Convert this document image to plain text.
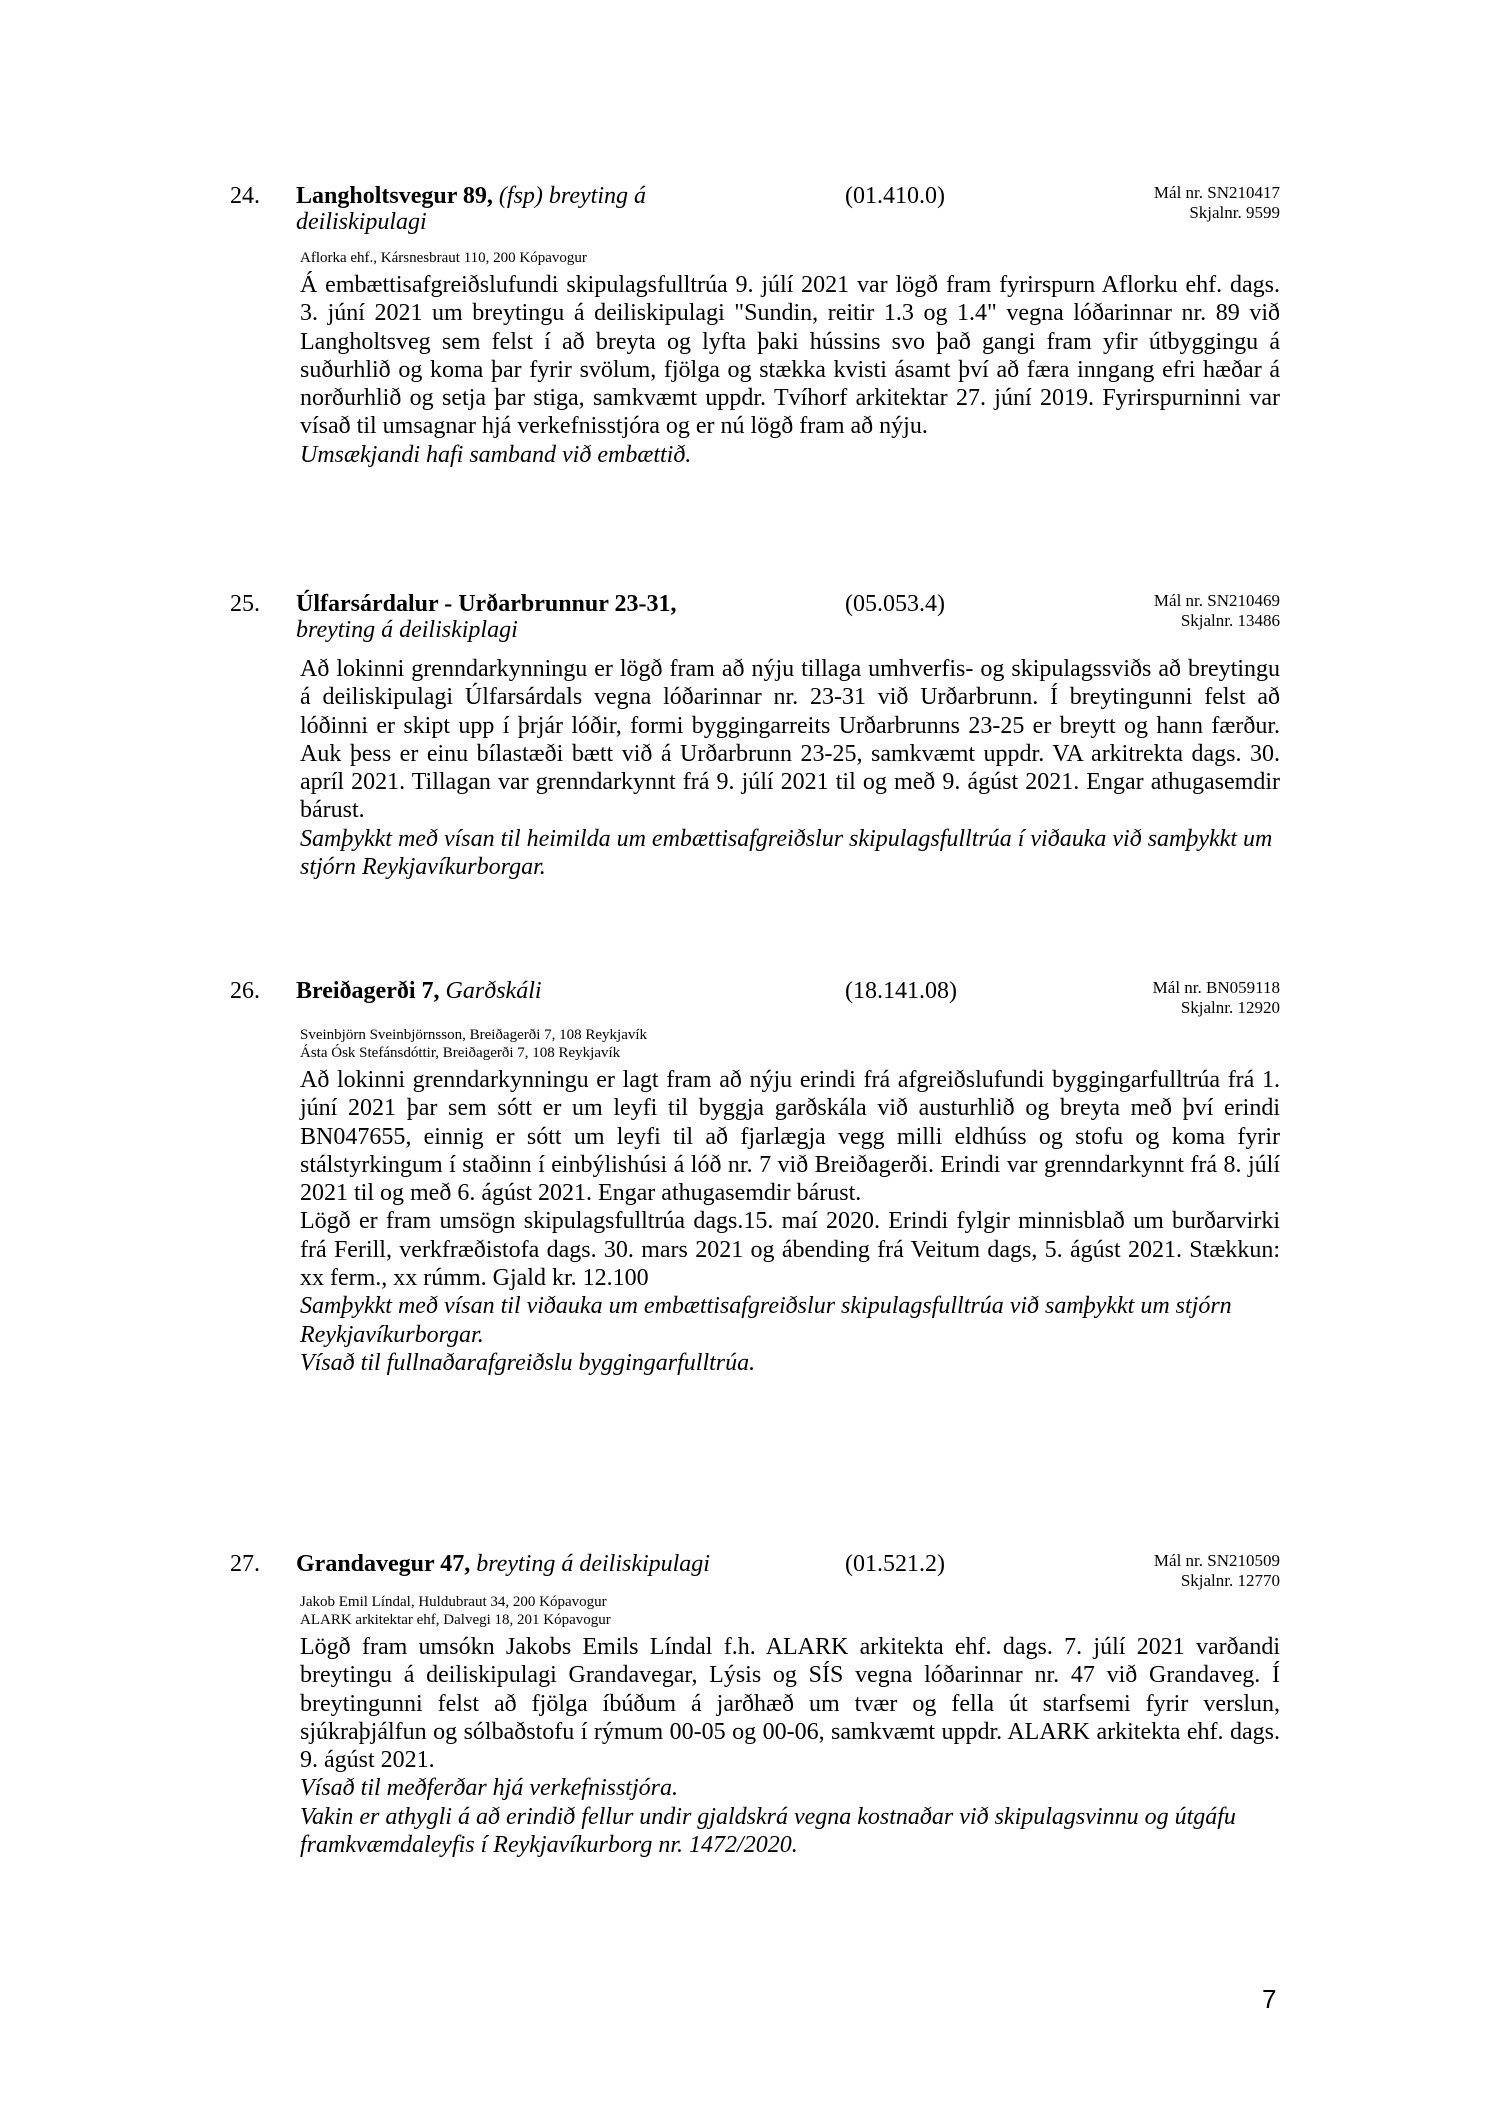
24. Langholtsvegur 89, (fsp) breyting á deiliskipulagi
(01.410.0)	Mál nr. SN210417
Skjalnr. 9599
Aflorka ehf., Kársnesbraut 110, 200 Kópavogur

Á embættisafgreiðslufundi skipulagsfulltrúa 9. júlí 2021 var lögð fram fyrirspurn Aflorku ehf. dags. 3. júní 2021 um breytingu á deiliskipulagi "Sundin, reitir 1.3 og 1.4" vegna lóðarinnar nr. 89 við Langholtsveg sem felst í að breyta og lyfta þaki hússins svo það gangi fram yfir útbyggingu á suðurhlið og koma þar fyrir svölum, fjölga og stækka kvisti ásamt því að færa inngang efri hæðar á norðurhlið og setja þar stiga, samkvæmt uppdr. Tvíhorf arkitektar 27. júní 2019. Fyrirspurninni var vísað til umsagnar hjá verkefnisstjóra og er nú lögð fram að nýju.

Umsækjandi hafi samband við embættið.

25. Úlfarsárdalur - Urðarbrunnur 23-31,
breyting á deiliskiplagi
(05.053.4)	Mál nr. SN210469
Skjalnr. 13486

Að lokinni grenndarkynningu er lögð fram að nýju tillaga umhverfis- og skipulagssviðs að breytingu á deiliskipulagi Úlfarsárdals vegna lóðarinnar nr. 23-31 við Urðarbrunn. Í breytingunni felst að lóðinni er skipt upp í þrjár lóðir, formi byggingarreits Urðarbrunns 23-25 er breytt og hann færður. Auk þess er einu bílastæði bætt við á Urðarbrunn 23-25, samkvæmt uppdr. VA arkitrekta dags. 30. apríl 2021. Tillagan var grenndarkynnt frá 9. júlí 2021 til og með 9. ágúst 2021. Engar athugasemdir bárust.

Samþykkt með vísan til heimilda um embættisafgreiðslur skipulagsfulltrúa í viðauka við samþykkt um stjórn Reykjavíkurborgar.

26. Breiðagerði 7, Garðskáli	(18.141.08)	Mál nr. BN059118
Skjalnr. 12920
Sveinbjörn Sveinbjörnsson, Breiðagerði 7, 108 Reykjavík
Ásta Ósk Stefánsdóttir, Breiðagerði 7, 108 Reykjavík

Að lokinni grenndarkynningu er lagt fram að nýju erindi frá afgreiðslufundi byggingarfulltrúa frá 1. júní 2021 þar sem sótt er um leyfi til byggja garðskála við austurhlið og breyta með því erindi BN047655, einnig er sótt um leyfi til að fjarlægja vegg milli eldhúss og stofu og koma fyrir stálstyrkingum í staðinn í einbýlishúsi á lóð nr. 7 við Breiðagerði. Erindi var grenndarkynnt frá 8. júlí 2021 til og með 6. ágúst 2021. Engar athugasemdir bárust.

Lögð er fram umsögn skipulagsfulltrúa dags.15. maí 2020. Erindi fylgir minnisblað um burðarvirki frá Ferill, verkfræðistofa dags. 30. mars 2021 og ábending frá Veitum dags, 5. ágúst 2021. Stækkun: xx ferm., xx rúmm. Gjald kr. 12.100

Samþykkt með vísan til viðauka um embættisafgreiðslur skipulagsfulltrúa við samþykkt um stjórn Reykjavíkurborgar.

Vísað til fullnaðarafgreiðslu byggingarfulltrúa.

27. Grandavegur 47, breyting á deiliskipulagi	(01.521.2)	Mál nr. SN210509
Skjalnr. 12770
Jakob Emil Líndal, Huldubraut 34, 200 Kópavogur
ALARK arkitektar ehf, Dalvegi 18, 201 Kópavogur

Lögð fram umsókn Jakobs Emils Líndal f.h. ALARK arkitekta ehf. dags. 7. júlí 2021 varðandi breytingu á deiliskipulagi Grandavegar, Lýsis og SÍS vegna lóðarinnar nr. 47 við Grandaveg. Í breytingunni felst að fjölga íbúðum á jarðhæð um tvær og fella út starfsemi fyrir verslun, sjúkraþjálfun og sólbaðstofu í rýmum 00-05 og 00-06, samkvæmt uppdr. ALARK arkitekta ehf. dags. 9. ágúst 2021.

Vísað til meðferðar hjá verkefnisstjóra.

Vakin er athygli á að erindið fellur undir gjaldskrá vegna kostnaðar við skipulagsvinnu og útgáfu framkvæmdaleyfis í Reykjavíkurborg nr. 1472/2020.

7
